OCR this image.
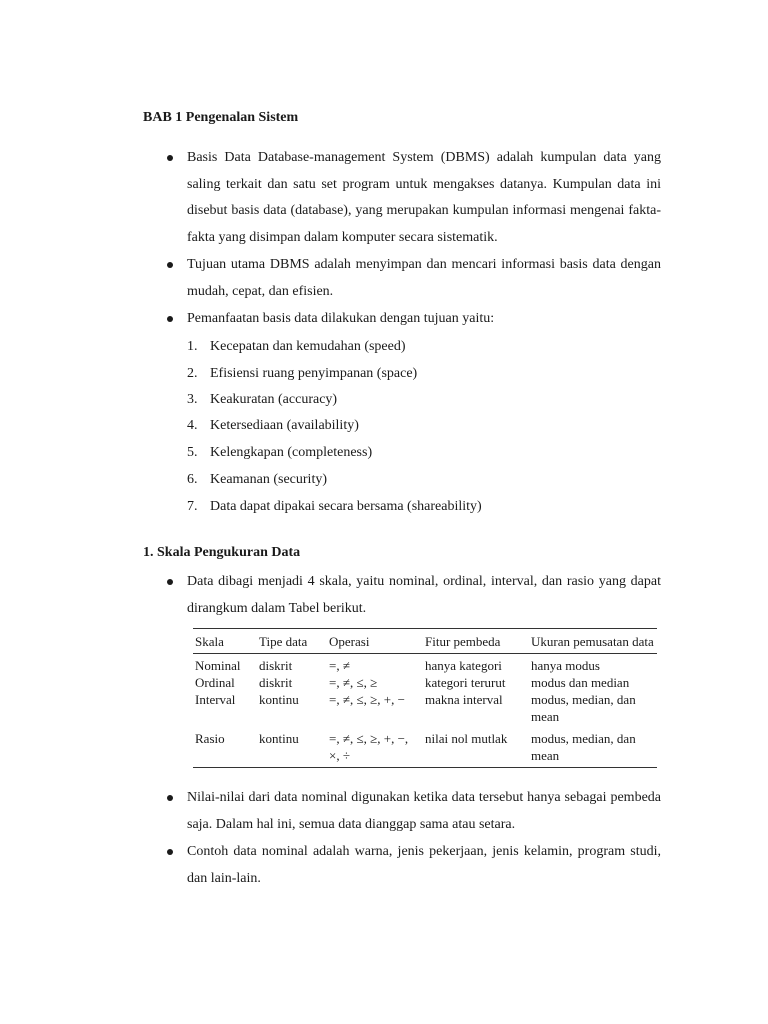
BAB 1 Pengenalan Sistem
Basis Data Database-management System (DBMS) adalah kumpulan data yang saling terkait dan satu set program untuk mengakses datanya. Kumpulan data ini disebut basis data (database), yang merupakan kumpulan informasi mengenai fakta-fakta yang disimpan dalam komputer secara sistematik.
Tujuan utama DBMS adalah menyimpan dan mencari informasi basis data dengan mudah, cepat, dan efisien.
Pemanfaatan basis data dilakukan dengan tujuan yaitu:
1. Kecepatan dan kemudahan (speed)
2. Efisiensi ruang penyimpanan (space)
3. Keakuratan (accuracy)
4. Ketersediaan (availability)
5. Kelengkapan (completeness)
6. Keamanan (security)
7. Data dapat dipakai secara bersama (shareability)
1. Skala Pengukuran Data
Data dibagi menjadi 4 skala, yaitu nominal, ordinal, interval, dan rasio yang dapat dirangkum dalam Tabel berikut.
Skala	Tipe data	Operasi	Fitur pembeda	Ukuran pemusatan data
Nominal	diskrit	=, ≠	hanya kategori	hanya modus
Ordinal	diskrit	=, ≠, ≤, ≥	kategori terurut	modus dan median
Interval	kontinu	=, ≠, ≤, ≥, +, −	makna interval	modus, median, dan mean
Rasio	kontinu	=, ≠, ≤, ≥, +, −, ×, ÷	nilai nol mutlak	modus, median, dan mean
Nilai-nilai dari data nominal digunakan ketika data tersebut hanya sebagai pembeda saja. Dalam hal ini, semua data dianggap sama atau setara.
Contoh data nominal adalah warna, jenis pekerjaan, jenis kelamin, program studi, dan lain-lain.
